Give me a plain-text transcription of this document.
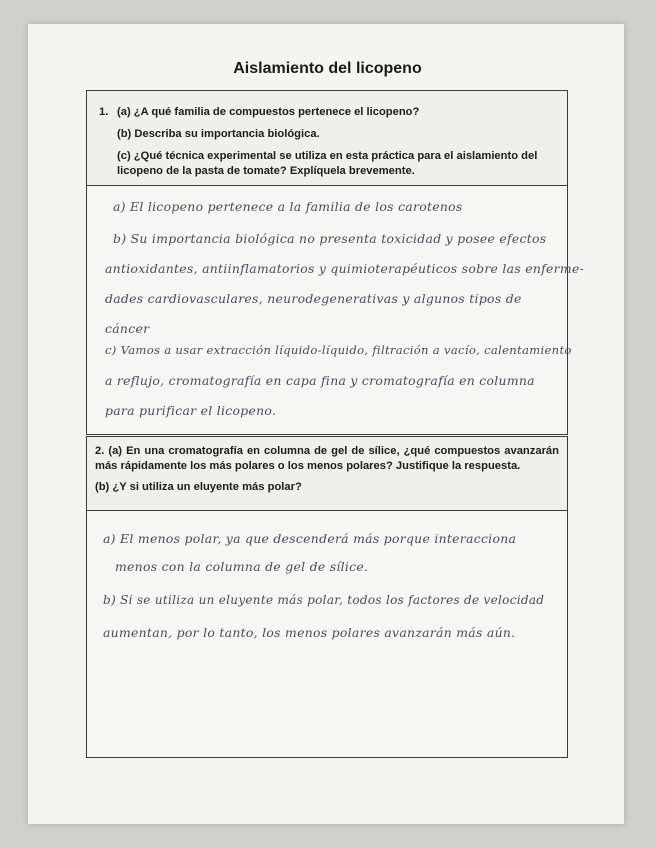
Aislamiento del licopeno
1. (a) ¿A qué familia de compuestos pertenece el licopeno?
(b) Describa su importancia biológica.
(c) ¿Qué técnica experimental se utiliza en esta práctica para el aislamiento del licopeno de la pasta de tomate? Explíquela brevemente.
a) El licopeno pertenece a la familia de los carotenos
b) Su importancia biológica no presenta toxicidad y posee efectos
antioxidantes, antiinflamatorios y quimioterapéuticos sobre las enferme-
dades cardiovasculares, neurodegenerativas y algunos tipos de
cáncer
c) Vamos a usar extracción líquido-líquido, filtración a vacío, calentamiento
a reflujo, cromatografía en capa fina y cromatografía en columna
para purificar el licopeno.

2. (a) En una cromatografía en columna de gel de sílice, ¿qué compuestos avanzarán más rápidamente los más polares o los menos polares? Justifique la respuesta.

(b) ¿Y si utiliza un eluyente más polar?

a) El menos polar, ya que descenderá más porque interacciona
menos con la columna de gel de sílice.
b) Si se utiliza un eluyente más polar, todos los factores de velocidad
aumentan, por lo tanto, los menos polares avanzarán más aún.
